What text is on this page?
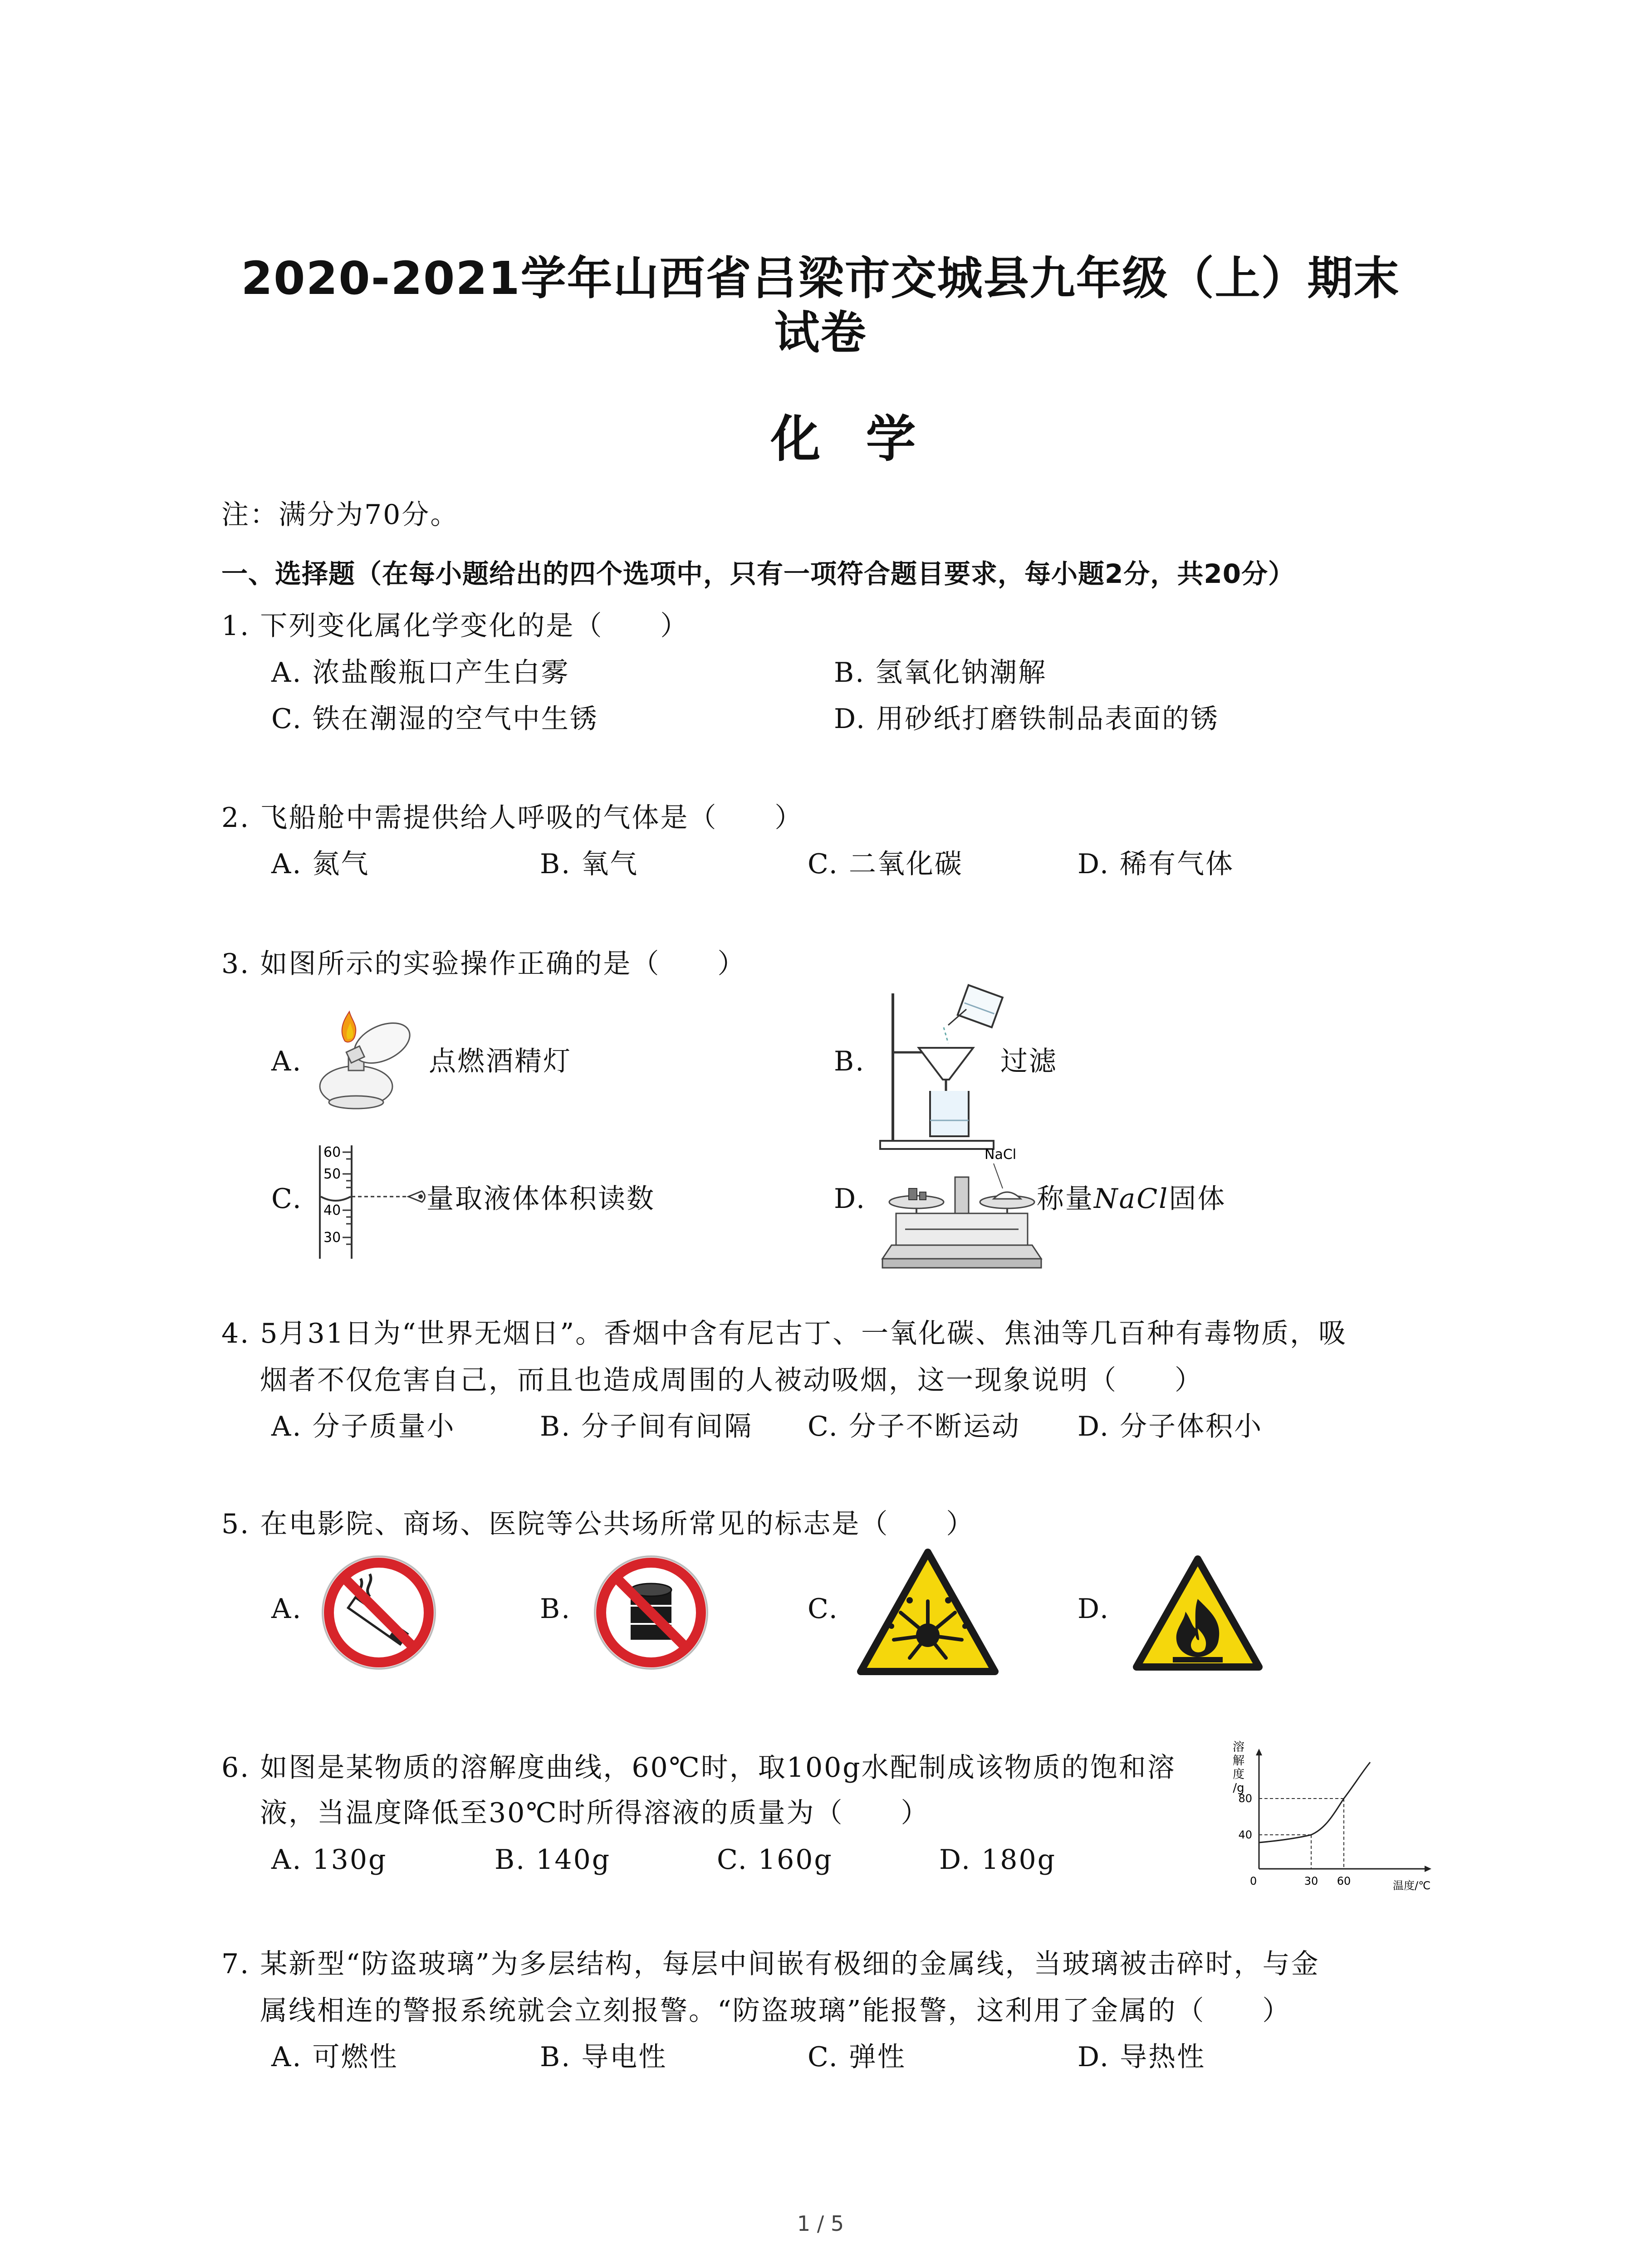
2020-2021学年山西省吕梁市交城县九年级（上）期末
试卷
化学
注：满分为70分。
一、选择题（在每小题给出的四个选项中，只有一项符合题目要求，每小题2分，共20分）
1. 下列变化属化学变化的是（　　）
A. 浓盐酸瓶口产生白雾	B. 氢氧化钠潮解
C. 铁在潮湿的空气中生锈	D. 用砂纸打磨铁制品表面的锈
2. 飞船舱中需提供给人呼吸的气体是（　　）
A. 氮气	B. 氧气	C. 二氧化碳	D. 稀有气体
3. 如图所示的实验操作正确的是（　　）
A.	点燃酒精灯	B.	过滤
C.
60
50
40
30
量取液体体积读数	D.
NaCl
称量NaCl固体
4. 5月31日为“世界无烟日”。香烟中含有尼古丁、一氧化碳、焦油等几百种有毒物质，吸
烟者不仅危害自己，而且也造成周围的人被动吸烟，这一现象说明（　　）
A. 分子质量小	B. 分子间有间隔 C. 分子不断运动 D. 分子体积小
5. 在电影院、商场、医院等公共场所常见的标志是（　　）
A.	B.	C.	D.
6. 如图是某物质的溶解度曲线，60℃时，取100g水配制成该物质的饱和溶
液，当温度降低至30℃时所得溶液的质量为（　　）
A. 130g	B. 140g	C. 160g	D. 180g
溶解度/g
80
40
0	30 60	温度/℃
7. 某新型“防盗玻璃”为多层结构，每层中间嵌有极细的金属线，当玻璃被击碎时，与金
属线相连的警报系统就会立刻报警。“防盗玻璃”能报警，这利用了金属的（　　）
A. 可燃性	B. 导电性	C. 弹性	D. 导热性
1 / 5
